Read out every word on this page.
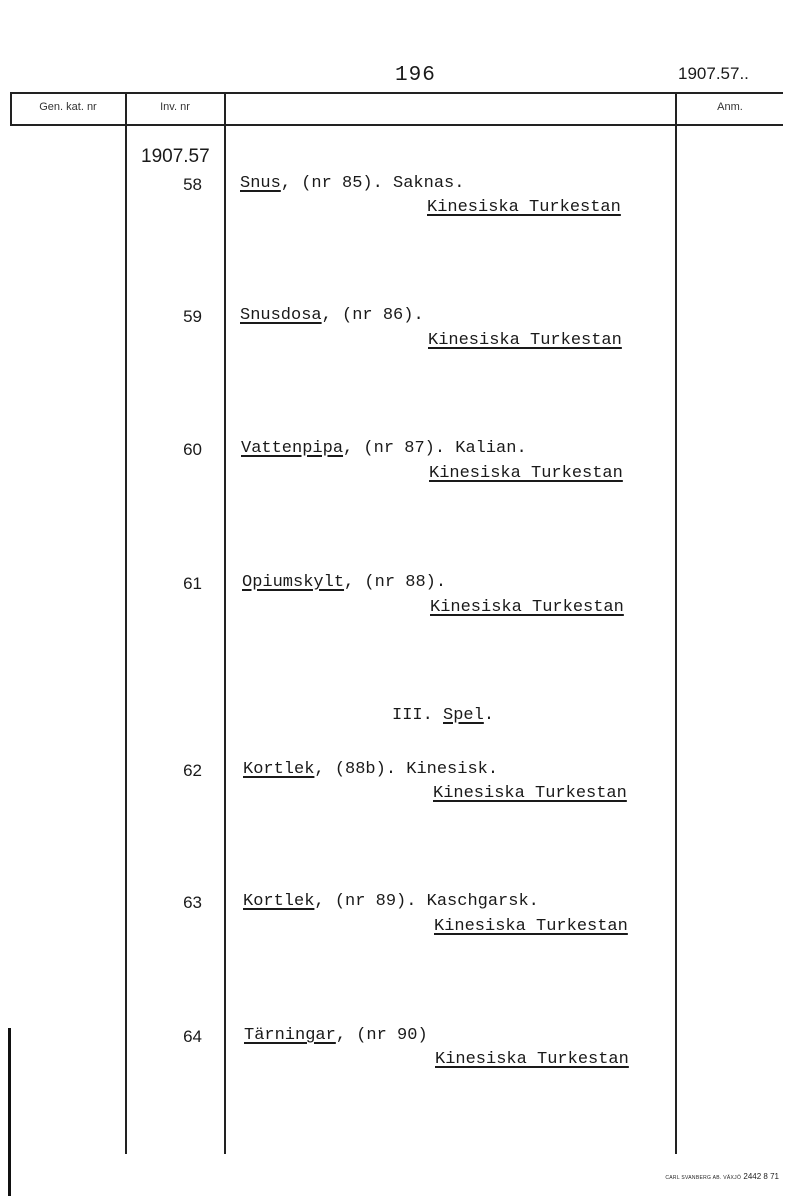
196	1907.57..
Gen. kat. nr	Inv. nr	Anm.
1907.57
58 Snus, (nr 85). Saknas.
Kinesiska Turkestan
59 Snusdosa, (nr 86).
Kinesiska Turkestan
60 Vattenpipa, (nr 87). Kalian.
Kinesiska Turkestan
61 Opiumskylt, (nr 88).
Kinesiska Turkestan
III. Spel.
62 Kortlek, (88b). Kinesisk.
Kinesiska Turkestan
63 Kortlek, (nr 89). Kaschgarsk.
Kinesiska Turkestan
64 Tärningar, (nr 90)
Kinesiska Turkestan
CARL SVANBERG AB. VÄXJÖ 2442 8 71
